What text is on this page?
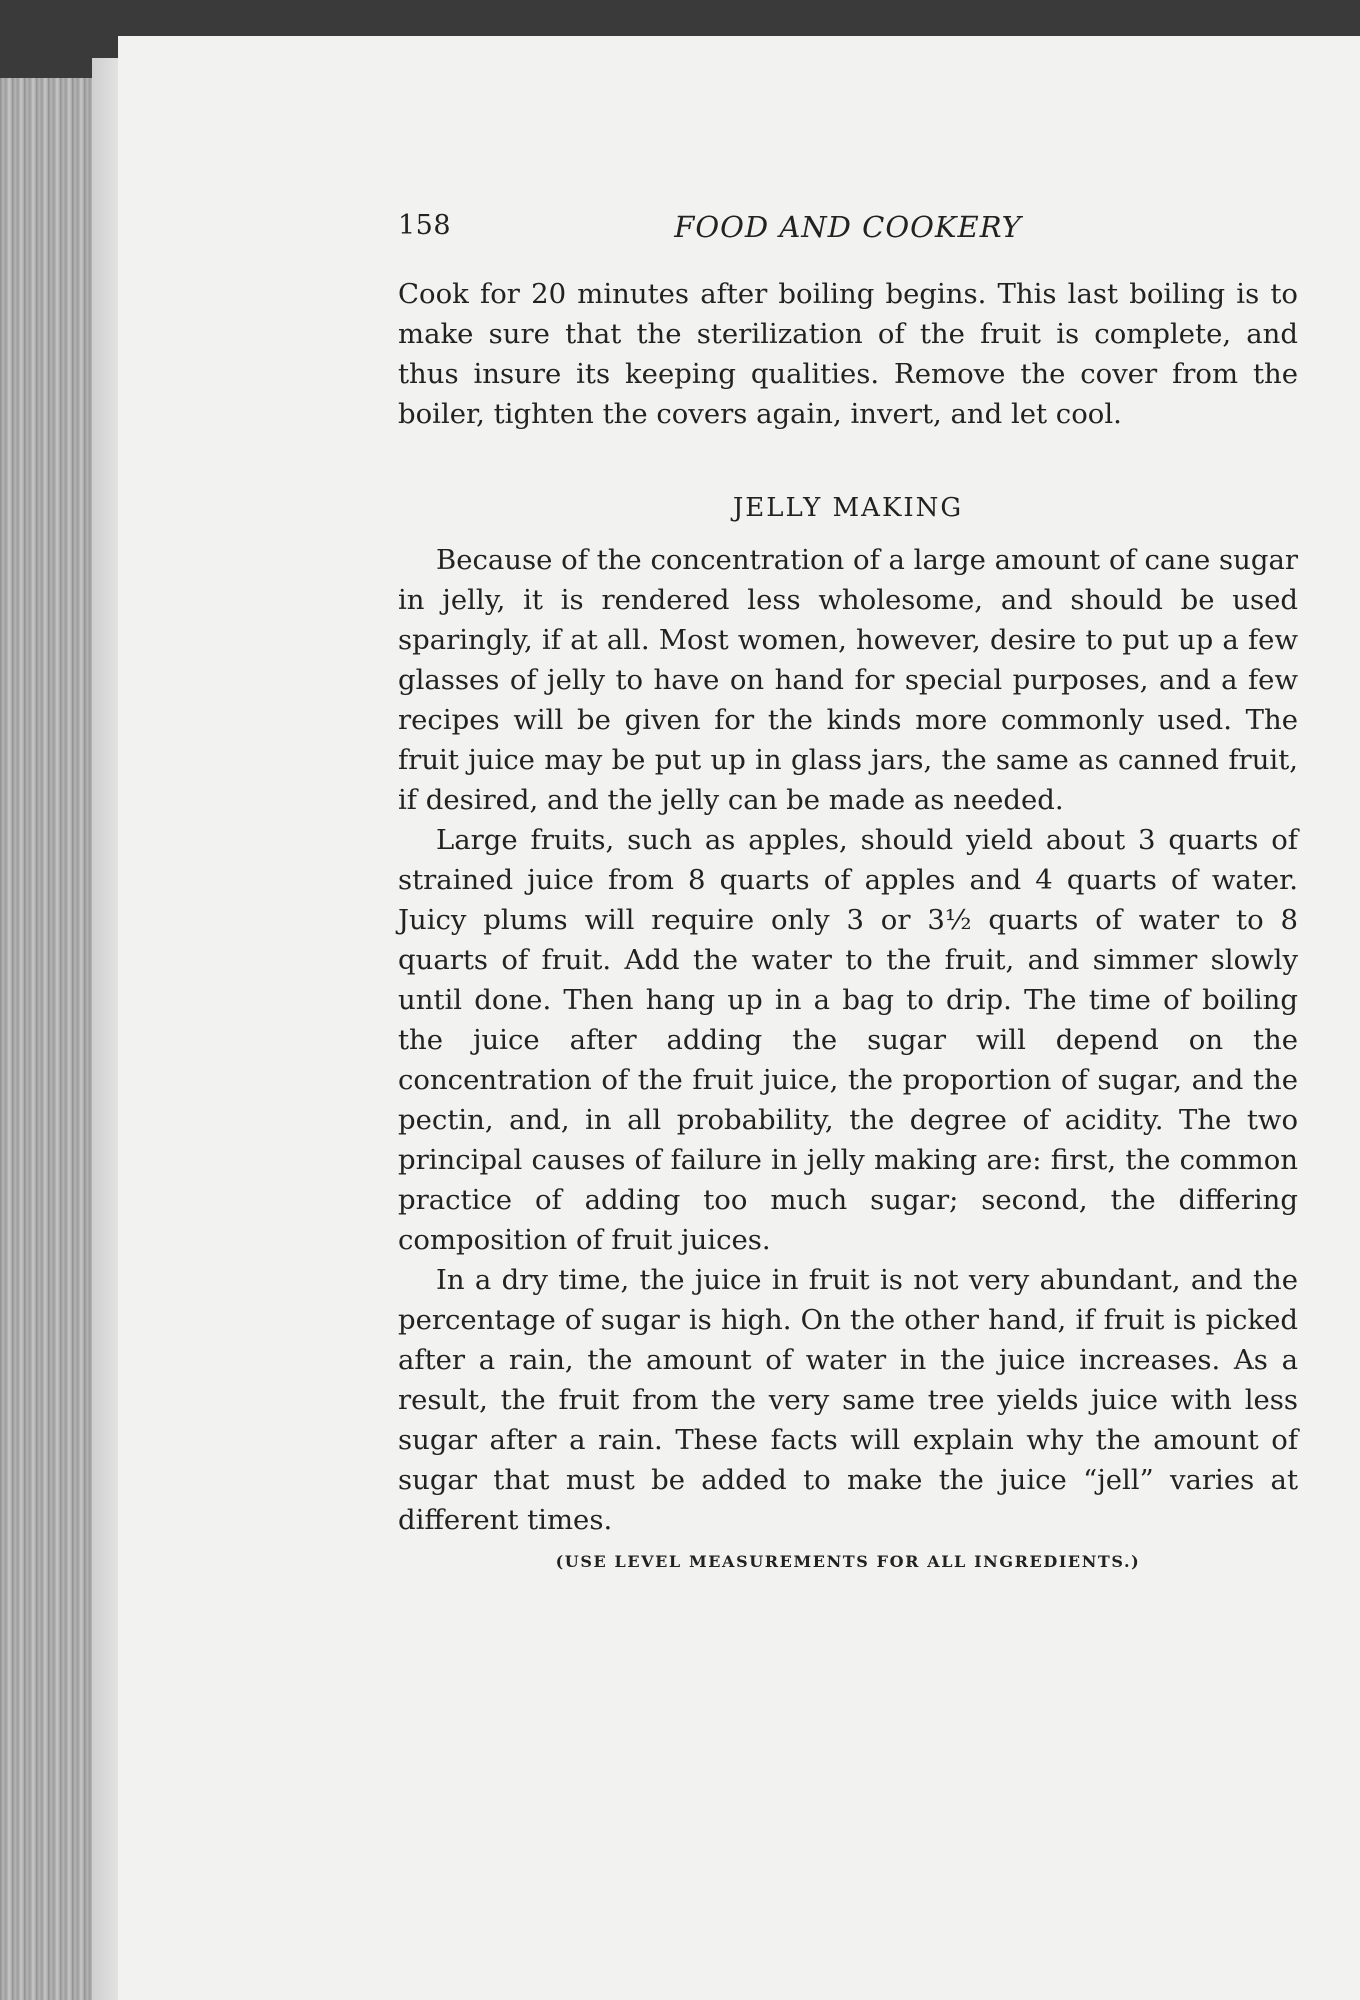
158	FOOD AND COOKERY

Cook for 20 minutes after boiling begins. This last boiling is to make sure that the sterilization of the fruit is complete, and thus insure its keeping qualities. Remove the cover from the boiler, tighten the covers again, invert, and let cool.

JELLY MAKING

Because of the concentration of a large amount of cane sugar in jelly, it is rendered less wholesome, and should be used sparingly, if at all. Most women, however, desire to put up a few glasses of jelly to have on hand for special purposes, and a few recipes will be given for the kinds more commonly used. The fruit juice may be put up in glass jars, the same as canned fruit, if desired, and the jelly can be made as needed.

Large fruits, such as apples, should yield about 3 quarts of strained juice from 8 quarts of apples and 4 quarts of water. Juicy plums will require only 3 or 3½ quarts of water to 8 quarts of fruit. Add the water to the fruit, and simmer slowly until done. Then hang up in a bag to drip. The time of boiling the juice after adding the sugar will depend on the concentration of the fruit juice, the proportion of sugar, and the pectin, and, in all probability, the degree of acidity. The two principal causes of failure in jelly making are: first, the common practice of adding too much sugar; second, the differing composition of fruit juices.

In a dry time, the juice in fruit is not very abundant, and the percentage of sugar is high. On the other hand, if fruit is picked after a rain, the amount of water in the juice increases. As a result, the fruit from the very same tree yields juice with less sugar after a rain. These facts will explain why the amount of sugar that must be added to make the juice “jell” varies at different times.

(USE LEVEL MEASUREMENTS FOR ALL INGREDIENTS.)
